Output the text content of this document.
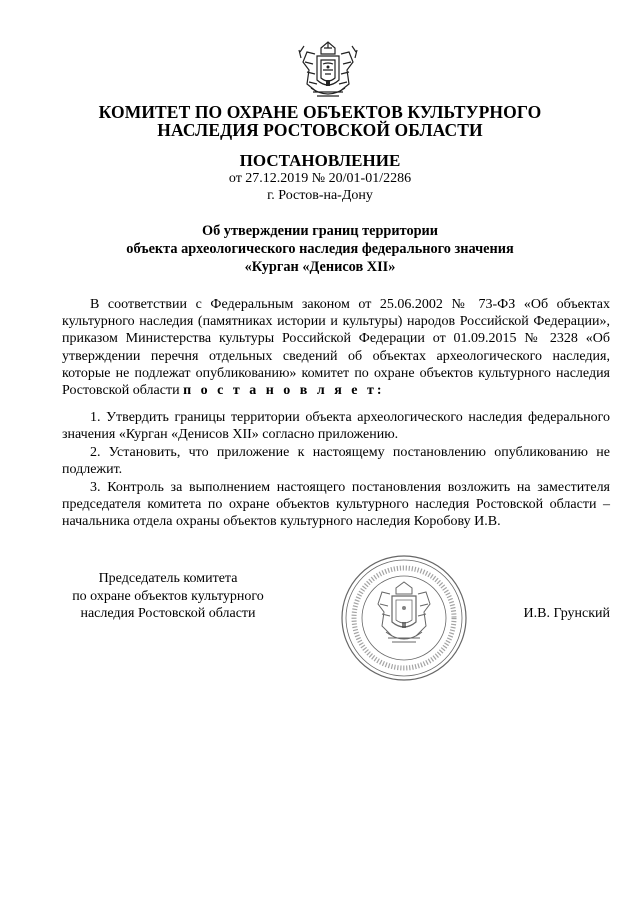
КОМИТЕТ ПО ОХРАНЕ ОБЪЕКТОВ КУЛЬТУРНОГО
НАСЛЕДИЯ РОСТОВСКОЙ ОБЛАСТИ
ПОСТАНОВЛЕНИЕ
от 27.12.2019 № 20/01-01/2286
г. Ростов-на-Дону
Об утверждении границ территории
объекта археологического наследия федерального значения
«Курган «Денисов XII»
В соответствии с Федеральным законом от 25.06.2002 № 73-ФЗ «Об объектах культурного наследия (памятниках истории и культуры) народов Российской Федерации», приказом Министерства культуры Российской Федерации от 01.09.2015 № 2328 «Об утверждении перечня отдельных сведений об объектах археологического наследия, которые не подлежат опубликованию» комитет по охране объектов культурного наследия Ростовской области п о с т а н о в л я е т:
1. Утвердить границы территории объекта археологического наследия федерального значения «Курган «Денисов XII» согласно приложению.
2. Установить, что приложение к настоящему постановлению опубликованию не подлежит.
3. Контроль за выполнением настоящего постановления возложить на заместителя председателя комитета по охране объектов культурного наследия Ростовской области – начальника отдела охраны объектов культурного наследия Коробову И.В.
Председатель комитета
по охране объектов культурного
наследия Ростовской области	И.В. Грунский
